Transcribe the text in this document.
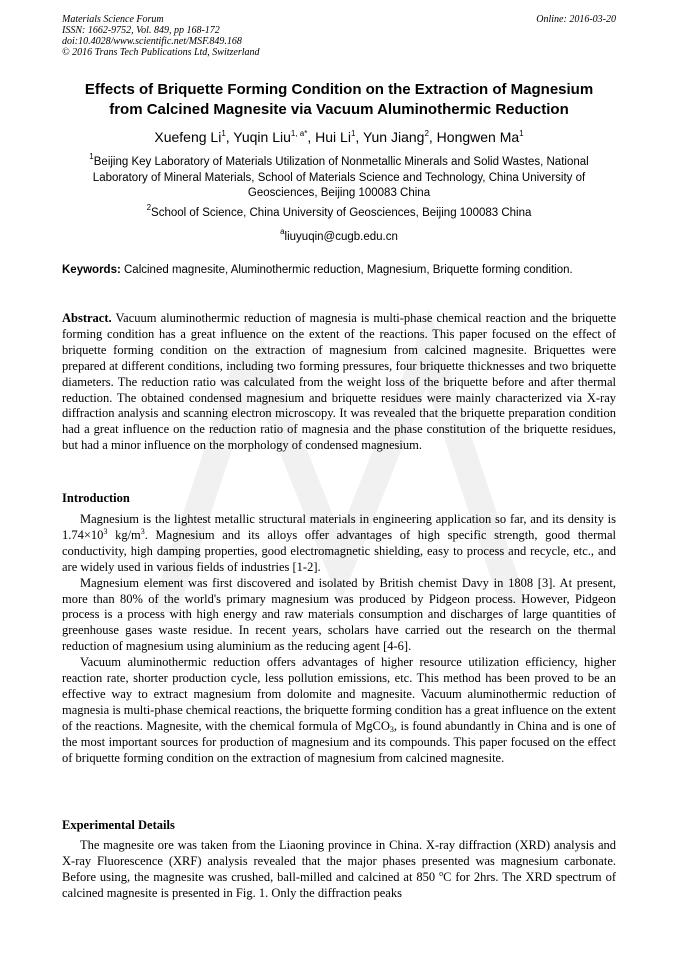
Materials Science Forum
ISSN: 1662-9752, Vol. 849, pp 168-172
doi:10.4028/www.scientific.net/MSF.849.168
© 2016 Trans Tech Publications Ltd, Switzerland
Online: 2016-03-20
Effects of Briquette Forming Condition on the Extraction of Magnesium
from Calcined Magnesite via Vacuum Aluminothermic Reduction
Xuefeng Li$^1$, Yuqin Liu$^{1, a*}$, Hui Li$^1$, Yun Jiang$^2$, Hongwen Ma$^1$
$^1$Beijing Key Laboratory of Materials Utilization of Nonmetallic Minerals and Solid Wastes, National Laboratory of Mineral Materials, School of Materials Science and Technology, China University of Geosciences, Beijing 100083 China
$^2$School of Science, China University of Geosciences, Beijing 100083 China
$^a$liuyuqin@cugb.edu.cn
Keywords: Calcined magnesite, Aluminothermic reduction, Magnesium, Briquette forming condition.
Abstract. Vacuum aluminothermic reduction of magnesia is multi-phase chemical reaction and the briquette forming condition has a great influence on the extent of the reactions. This paper focused on the effect of briquette forming condition on the extraction of magnesium from calcined magnesite. Briquettes were prepared at different conditions, including two forming pressures, four briquette thicknesses and two briquette diameters. The reduction ratio was calculated from the weight loss of the briquette before and after thermal reduction. The obtained condensed magnesium and briquette residues were mainly characterized via X-ray diffraction analysis and scanning electron microscopy. It was revealed that the briquette preparation condition had a great influence on the reduction ratio of magnesia and the phase constitution of the briquette residues, but had a minor influence on the morphology of condensed magnesium.
Introduction

Magnesium is the lightest metallic structural materials in engineering application so far, and its density is $1.74\times 10^3$ $kg/m^3$. Magnesium and its alloys offer advantages of high specific strength, good thermal conductivity, high damping properties, good electromagnetic shielding, easy to process and recycle, etc., and are widely used in various fields of industries [1-2].

Magnesium element was first discovered and isolated by British chemist Davy in 1808 [3]. At present, more than 80% of the world's primary magnesium was produced by Pidgeon process. However, Pidgeon process is a process with high energy and raw materials consumption and discharges of large quantities of greenhouse gases waste residue. In recent years, scholars have carried out the research on the thermal reduction of magnesium using aluminium as the reducing agent [4-6].

Vacuum aluminothermic reduction offers advantages of higher resource utilization efficiency, higher reaction rate, shorter production cycle, less pollution emissions, etc. This method has been proved to be an effective way to extract magnesium from dolomite and magnesite. Vacuum aluminothermic reduction of magnesia is multi-phase chemical reactions, the briquette forming condition has a great influence on the extent of the reactions. Magnesite, with the chemical formula of MgCO$_3$, is found abundantly in China and is one of the most important sources for production of magnesium and its compounds. This paper focused on the effect of briquette forming condition on the extraction of magnesium from calcined magnesite.

Experimental Details

The magnesite ore was taken from the Liaoning province in China. X-ray diffraction (XRD) analysis and X-ray Fluorescence (XRF) analysis revealed that the major phases presented was magnesium carbonate. Before using, the magnesite was crushed, ball-milled and calcined at 850 $^o$C for 2hrs. The XRD spectrum of calcined magnesite is presented in Fig. 1. Only the diffraction peaks
